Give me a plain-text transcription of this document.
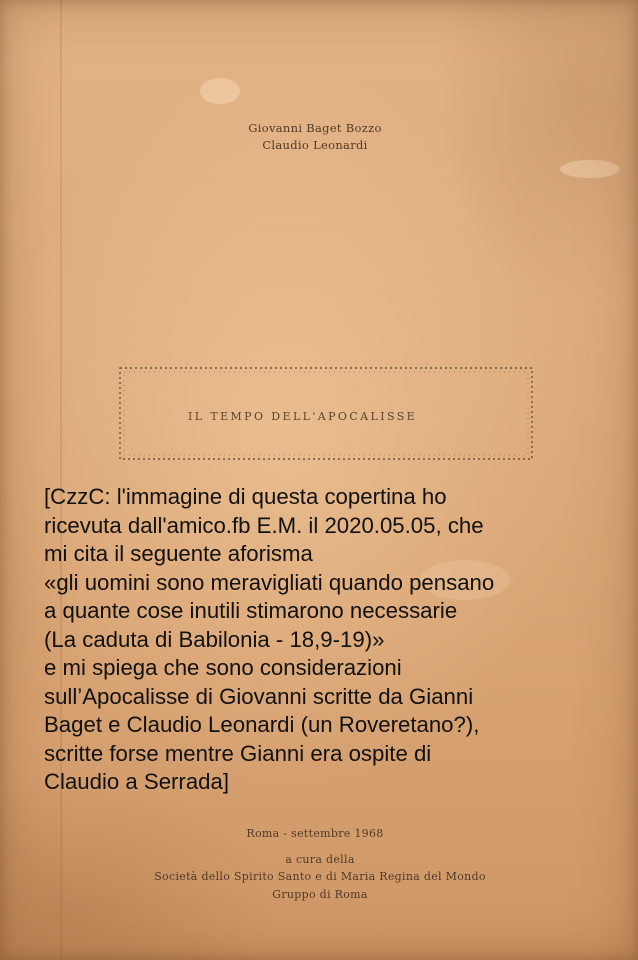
Giovanni Baget Bozzo
Claudio Leonardi
IL TEMPO DELL'APOCALISSE
[CzzC: l'immagine di questa copertina ho
ricevuta dall'amico.fb E.M. il 2020.05.05, che
mi cita il seguente aforisma
«gli uomini sono meravigliati quando pensano
a quante cose inutili stimarono necessarie
(La caduta di Babilonia - 18,9-19)»
e mi spiega che sono considerazioni
sull’Apocalisse di Giovanni scritte da Gianni
Baget e Claudio Leonardi (un Roveretano?),
scritte forse mentre Gianni era ospite di
Claudio a Serrada]
Roma - settembre 1968
a cura della
Società dello Spirito Santo e di Maria Regina del Mondo
Gruppo di Roma
